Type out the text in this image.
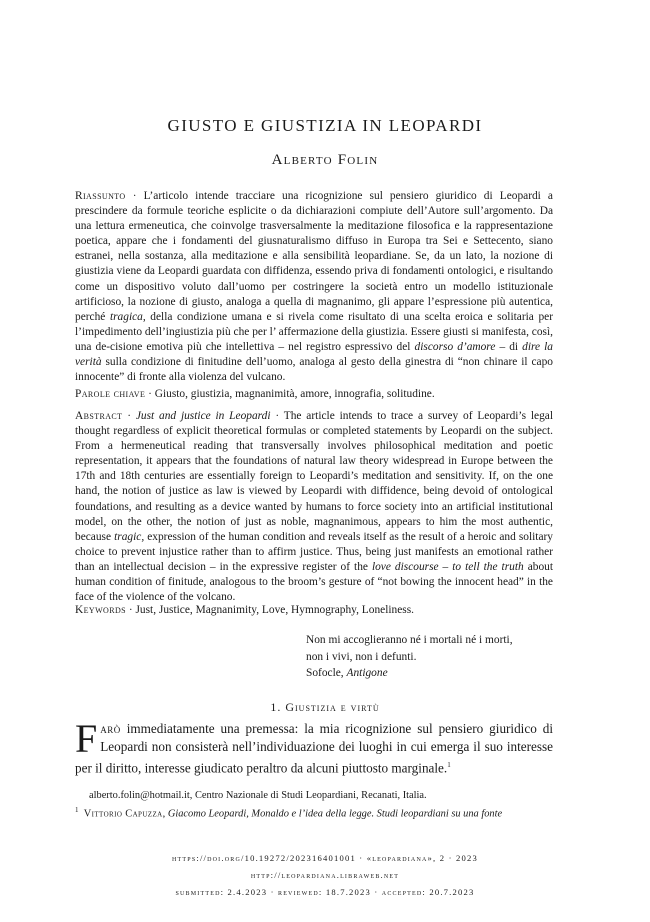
GIUSTO E GIUSTIZIA IN LEOPARDI
Alberto Folin
Riassunto · L’articolo intende tracciare una ricognizione sul pensiero giuridico di Leopardi a prescindere da formule teoriche esplicite o da dichiarazioni compiute dell’Autore sull’argomento. Da una lettura ermeneutica, che coinvolge trasversalmente la meditazione filosofica e la rappresentazione poetica, appare che i fondamenti del giusnaturalismo diffuso in Europa tra Sei e Settecento, siano estranei, nella sostanza, alla meditazione e alla sensibilità leopardiane. Se, da un lato, la nozione di giustizia viene da Leopardi guardata con diffidenza, essendo priva di fondamenti ontologici, e risultando come un dispositivo voluto dall’uomo per costringere la società entro un modello istituzionale artificioso, la nozione di giusto, analoga a quella di magnanimo, gli appare l’espressione più autentica, perché tragica, della condizione umana e si rivela come risultato di una scelta eroica e solitaria per l’impedimento dell’ingiustizia più che per l’ affermazione della giustizia. Essere giusti si manifesta, così, una de-cisione emotiva più che intellettiva – nel registro espressivo del discorso d’amore – di dire la verità sulla condizione di finitudine dell’uomo, analoga al gesto della ginestra di “non chinare il capo innocente” di fronte alla violenza del vulcano.
Parole chiave · Giusto, giustizia, magnanimità, amore, innografia, solitudine.
Abstract · Just and justice in Leopardi · The article intends to trace a survey of Leopardi’s legal thought regardless of explicit theoretical formulas or completed statements by Leopardi on the subject. From a hermeneutical reading that transversally involves philosophical meditation and poetic representation, it appears that the foundations of natural law theory widespread in Europe between the 17th and 18th centuries are essentially foreign to Leopardi’s meditation and sensitivity. If, on the one hand, the notion of justice as law is viewed by Leopardi with diffidence, being devoid of ontological foundations, and resulting as a device wanted by humans to force society into an artificial institutional model, on the other, the notion of just as noble, magnanimous, appears to him the most authentic, because tragic, expression of the human condition and reveals itself as the result of a heroic and solitary choice to prevent injustice rather than to affirm justice. Thus, being just manifests an emotional rather than an intellectual decision – in the expressive register of the love discourse – to tell the truth about human condition of finitude, analogous to the broom’s gesture of “not bowing the innocent head” in the face of the violence of the volcano.
Keywords · Just, Justice, Magnanimity, Love, Hymnography, Loneliness.
Non mi accoglieranno né i mortali né i morti,
non i vivi, non i defunti.
Sofocle, Antigone
1. Giustizia e virtù
Farò immediatamente una premessa: la mia ricognizione sul pensiero giuridico di Leopardi non consisterà nell’individuazione dei luoghi in cui emerga il suo interesse per il diritto, interesse giudicato peraltro da alcuni piuttosto marginale.$^1$
alberto.folin@hotmail.it, Centro Nazionale di Studi Leopardiani, Recanati, Italia.
$^1$ Vittorio Capuzza, Giacomo Leopardi, Monaldo e l’idea della legge. Studi leopardiani su una fonte
https://doi.org/10.19272/202316401001 · «leopardiana», 2 · 2023
http://leopardiana.libraweb.net
submitted: 2.4.2023 · reviewed: 18.7.2023 · accepted: 20.7.2023
